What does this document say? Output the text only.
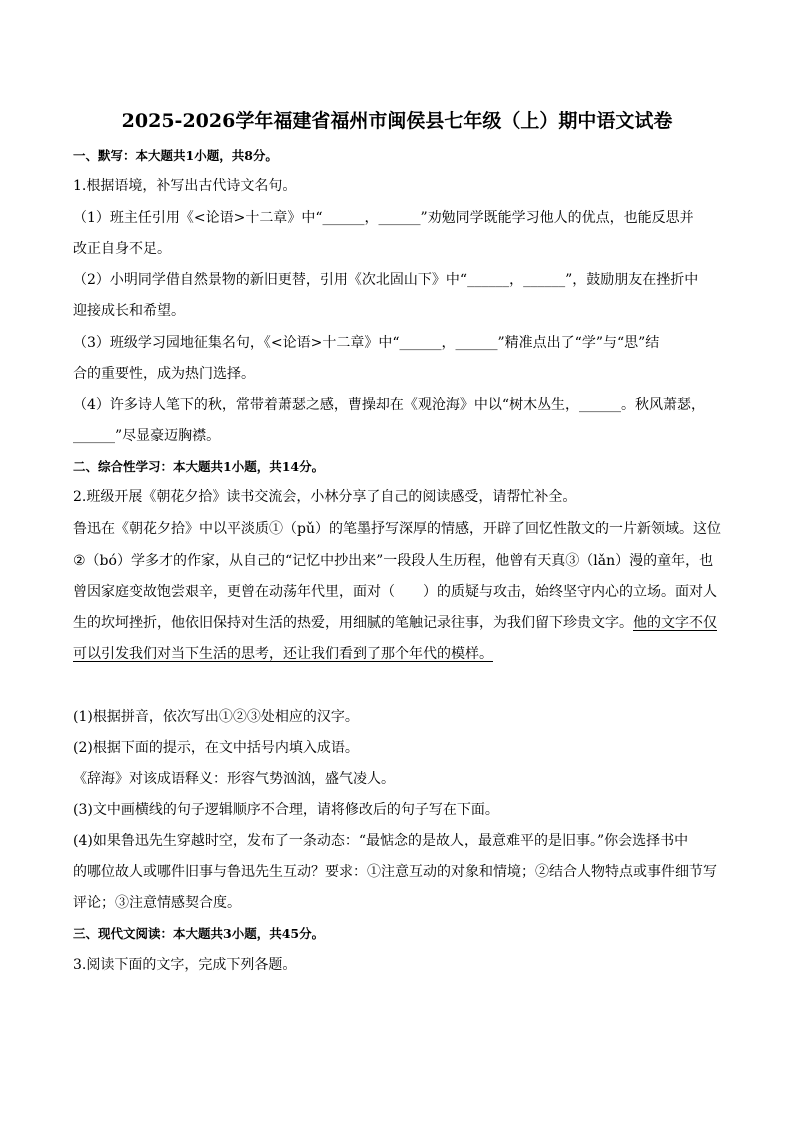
2025-2026学年福建省福州市闽侯县七年级（上）期中语文试卷
一、默写：本大题共1小题，共8分。
1.根据语境，补写出古代诗文名句。
（1）班主任引用《<论语>十二章》中“______，______”劝勉同学既能学习他人的优点，也能反思并
改正自身不足。
（2）小明同学借自然景物的新旧更替，引用《次北固山下》中“______，______”，鼓励朋友在挫折中
迎接成长和希望。
（3）班级学习园地征集名句，《<论语>十二章》中“______，______”精准点出了“学”与“思”结
合的重要性，成为热门选择。
（4）许多诗人笔下的秋，常带着萧瑟之感，曹操却在《观沧海》中以“树木丛生，______。秋风萧瑟，
______”尽显豪迈胸襟。
二、综合性学习：本大题共1小题，共14分。
2.班级开展《朝花夕拾》读书交流会，小林分享了自己的阅读感受，请帮忙补全。
鲁迅在《朝花夕拾》中以平淡质①（pǔ）的笔墨抒写深厚的情感，开辟了回忆性散文的一片新领域。这位
②（bó）学多才的作家，从自己的“记忆中抄出来”一段段人生历程，他曾有天真③（lǎn）漫的童年，也
曾因家庭变故饱尝艰辛，更曾在动荡年代里，面对（　　）的质疑与攻击，始终坚守内心的立场。面对人
生的坎坷挫折，他依旧保持对生活的热爱，用细腻的笔触记录往事，为我们留下珍贵文字。他的文字不仅
可以引发我们对当下生活的思考，还让我们看到了那个年代的模样。
(1)根据拼音，依次写出①②③处相应的汉字。
(2)根据下面的提示，在文中括号内填入成语。
《辞海》对该成语释义：形容气势汹汹，盛气凌人。
(3)文中画横线的句子逻辑顺序不合理，请将修改后的句子写在下面。
(4)如果鲁迅先生穿越时空，发布了一条动态：“最惦念的是故人，最意难平的是旧事。”你会选择书中
的哪位故人或哪件旧事与鲁迅先生互动？要求：①注意互动的对象和情境；②结合人物特点或事件细节写
评论；③注意情感契合度。
三、现代文阅读：本大题共3小题，共45分。
3.阅读下面的文字，完成下列各题。
